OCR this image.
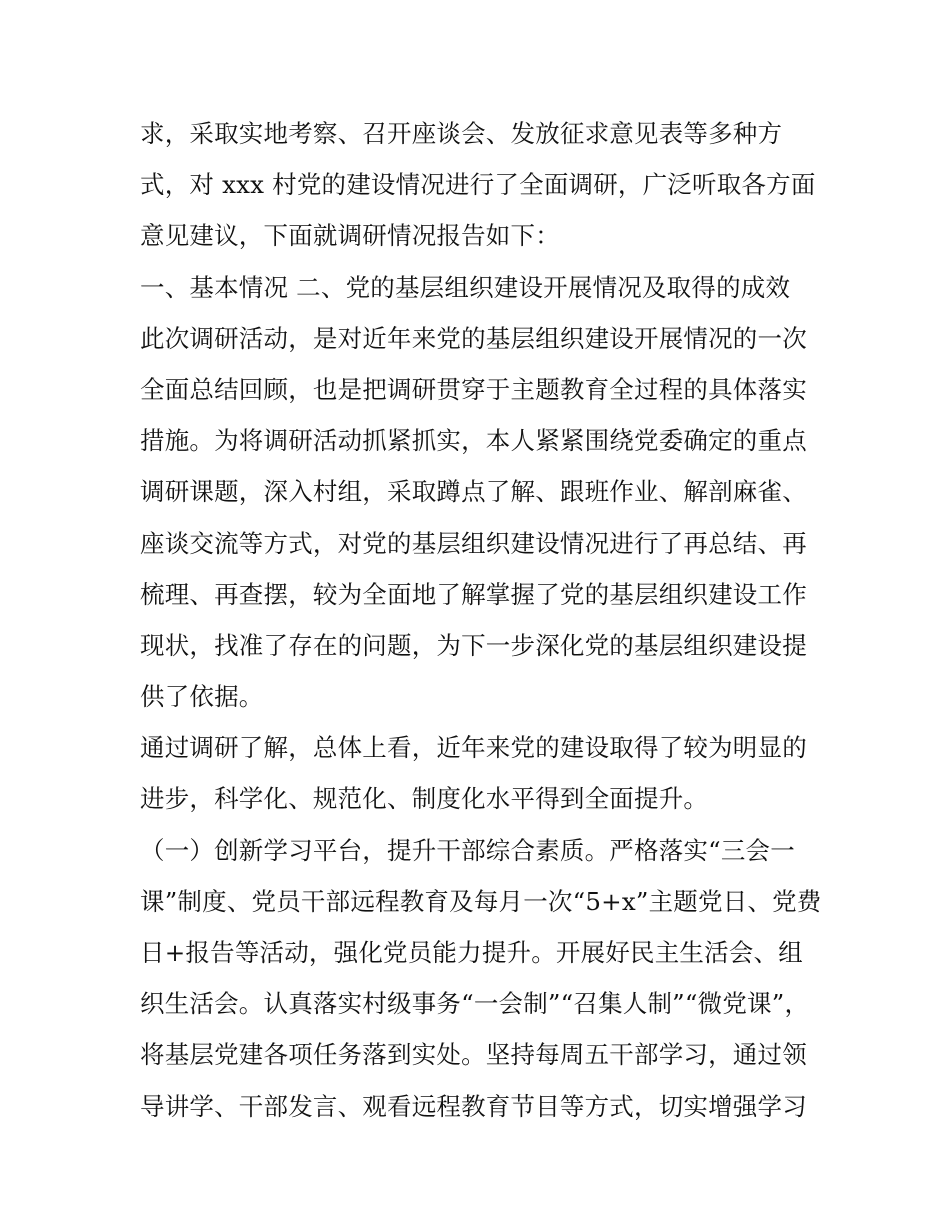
求，采取实地考察、召开座谈会、发放征求意见表等多种方
式，对 xxx 村党的建设情况进行了全面调研，广泛听取各方面
意见建议，下面就调研情况报告如下：
一、基本情况 二、党的基层组织建设开展情况及取得的成效
此次调研活动，是对近年来党的基层组织建设开展情况的一次
全面总结回顾，也是把调研贯穿于主题教育全过程的具体落实
措施。为将调研活动抓紧抓实，本人紧紧围绕党委确定的重点
调研课题，深入村组，采取蹲点了解、跟班作业、解剖麻雀、
座谈交流等方式，对党的基层组织建设情况进行了再总结、再
梳理、再查摆，较为全面地了解掌握了党的基层组织建设工作
现状，找准了存在的问题，为下一步深化党的基层组织建设提
供了依据。
通过调研了解，总体上看，近年来党的建设取得了较为明显的
进步，科学化、规范化、制度化水平得到全面提升。
（一）创新学习平台，提升干部综合素质。严格落实“三会一
课”制度、党员干部远程教育及每月一次“5+x”主题党日、党费
日+报告等活动，强化党员能力提升。开展好民主生活会、组
织生活会。认真落实村级事务“一会制”“召集人制”“微党课”，
将基层党建各项任务落到实处。坚持每周五干部学习，通过领
导讲学、干部发言、观看远程教育节目等方式，切实增强学习
